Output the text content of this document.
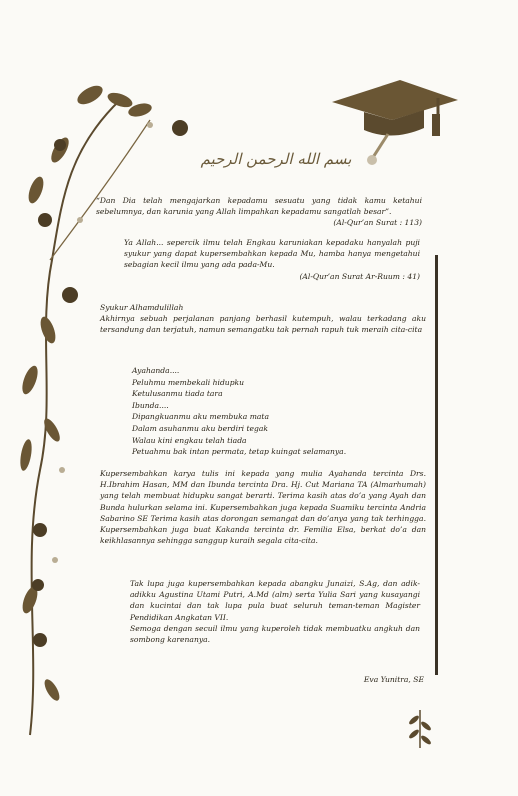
بسم الله الرحمن الرحيم
“Dan Dia telah mengajarkan kepadamu sesuatu yang tidak kamu ketahui sebelumnya, dan karunia yang Allah limpahkan kepadamu sangatlah besar”.
(Al-Qur’an Surat : 113)
Ya Allah... sepercik ilmu telah Engkau karuniakan kepadaku hanyalah puji syukur yang dapat kupersembahkan kepada Mu, hamba hanya mengetahui sebagian kecil ilmu yang ada pada-Mu.
(Al-Qur’an Surat Ar-Ruum : 41)

Syukur Alhamdulillah

Akhirnya sebuah perjalanan panjang berhasil kutempuh, walau terkadang aku tersandung dan terjatuh, namun semangatku tak pernah rapuh tuk meraih cita-cita

Ayahanda....
Peluhmu membekali hidupku
Ketulusanmu tiada tara
Ibunda....
Dipangkuanmu aku membuka mata
Dalam asuhanmu aku berdiri tegak
Walau kini engkau telah tiada
Petuahmu bak intan permata, tetap kuingat selamanya.
Kupersembahkan karya tulis ini kepada yang mulia Ayahanda tercinta Drs. H.Ibrahim Hasan, MM dan Ibunda tercinta Dra. Hj. Cut Mariana TA (Almarhumah) yang telah membuat hidupku sangat berarti. Terima kasih atas do’a yang Ayah dan Bunda hulurkan selama ini. Kupersembahkan juga kepada Suamiku tercinta Andria Sabarino SE Terima kasih atas dorongan semangat dan do’anya yang tak terhingga. Kupersembahkan juga buat Kakanda tercinta dr. Femilia Elsa, berkat do’a dan keikhlasannya sehingga sanggup kuraih segala cita-cita.
Tak lupa juga kupersembahkan kepada abangku Junaizi, S.Ag, dan adik-adikku Agustina Utami Putri, A.Md (alm) serta Yulia Sari yang kusayangi dan kucintai dan tak lupa pula buat seluruh teman-teman Magister Pendidikan Angkatan VII.
Semoga dengan secuil ilmu yang kuperoleh tidak membuatku angkuh dan sombong karenanya.
Eva Yunitra, SE
